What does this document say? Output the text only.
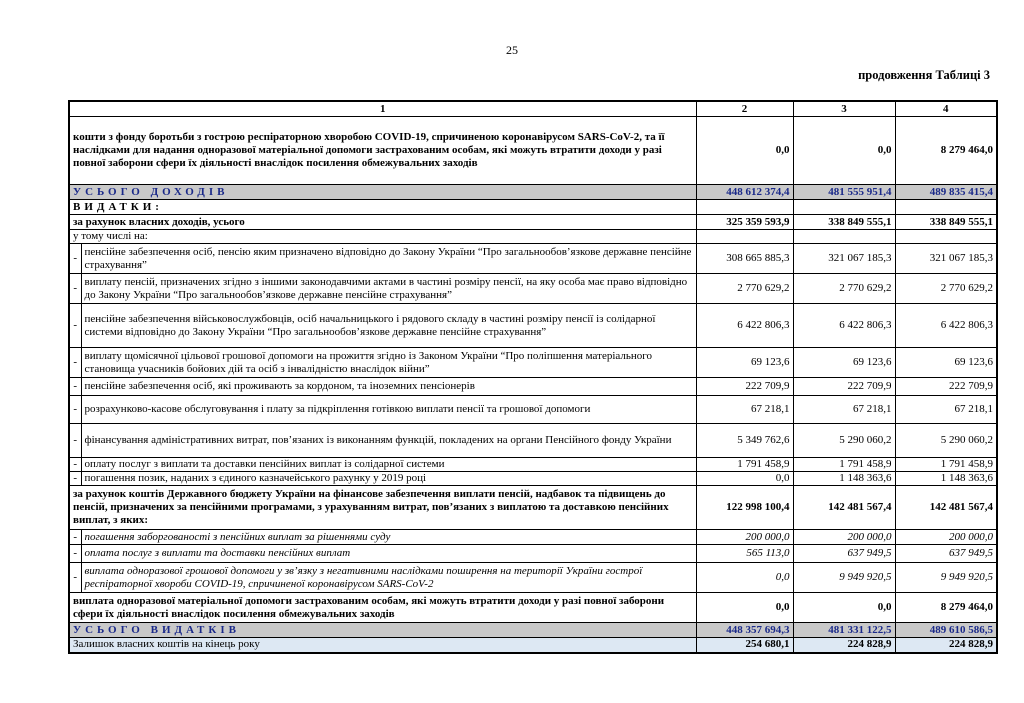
25
продовження Таблиці 3
1		2	3	4
кошти з фонду боротьби з гострою респіраторною хворобою COVID-19, спричиненою коронавірусом SARS-CoV-2, та її наслідками для надання одноразової матеріальної допомоги застрахованим особам, які можуть втратити доходи у разі повної заборони сфери їх діяльності внаслідок посилення обмежувальних заходів		0,0	0,0	8 279 464,0
УСЬОГО ДОХОДІВ		448 612 374,4	481 555 951,4	489 835 415,4
ВИДАТКИ:				
за рахунок власних доходів, усього		325 359 593,9	338 849 555,1	338 849 555,1
у тому числі на:				
-	пенсійне забезпечення осіб, пенсію яким призначено відповідно до Закону України “Про загальнообов’язкове державне пенсійне страхування”	308 665 885,3	321 067 185,3	321 067 185,3
-	виплату пенсій, призначених згідно з іншими законодавчими актами в частині розміру пенсії, на яку особа має право відповідно до Закону України “Про загальнообов’язкове державне пенсійне страхування”	2 770 629,2	2 770 629,2	2 770 629,2
-	пенсійне забезпечення військовослужбовців, осіб начальницького і рядового складу в частині розміру пенсії із солідарної системи відповідно до Закону України “Про загальнообов’язкове державне пенсійне страхування”	6 422 806,3	6 422 806,3	6 422 806,3
-	виплату щомісячної цільової грошової допомоги на прожиття згідно із Законом України “Про поліпшення матеріального становища учасників бойових дій та осіб з інвалідністю внаслідок війни”	69 123,6	69 123,6	69 123,6
-	пенсійне забезпечення осіб, які проживають за кордоном, та іноземних пенсіонерів	222 709,9	222 709,9	222 709,9
-	розрахунково-касове обслуговування і плату за підкріплення готівкою виплати пенсії та грошової допомоги	67 218,1	67 218,1	67 218,1
-	фінансування адміністративних витрат, пов’язаних із виконанням функцій, покладених на органи Пенсійного фонду України	5 349 762,6	5 290 060,2	5 290 060,2
-	оплату послуг з виплати та доставки пенсійних виплат із солідарної системи	1 791 458,9	1 791 458,9	1 791 458,9
-	погашення позик, наданих з єдиного казначейського рахунку у 2019 році	0,0	1 148 363,6	1 148 363,6
за рахунок коштів Державного бюджету України на фінансове забезпечення виплати пенсій, надбавок та підвищень до пенсій, призначених за пенсійними програмами, з урахуванням витрат, пов’язаних з виплатою та доставкою пенсійних виплат, з яких:		122 998 100,4	142 481 567,4	142 481 567,4
-	погашення заборгованості з пенсійних виплат за рішеннями суду	200 000,0	200 000,0	200 000,0
-	оплата послуг з виплати та доставки пенсійних виплат	565 113,0	637 949,5	637 949,5
-	виплата одноразової грошової допомоги у зв’язку з негативними наслідками поширення на території України гострої респіраторної хвороби COVID-19, спричиненої коронавірусом SARS-CoV-2	0,0	9 949 920,5	9 949 920,5
виплата одноразової матеріальної допомоги застрахованим особам, які можуть втратити доходи у разі повної заборони сфери їх діяльності внаслідок посилення обмежувальних заходів		0,0	0,0	8 279 464,0
УСЬОГО ВИДАТКІВ		448 357 694,3	481 331 122,5	489 610 586,5
Залишок власних коштів на кінець року		254 680,1	224 828,9	224 828,9
